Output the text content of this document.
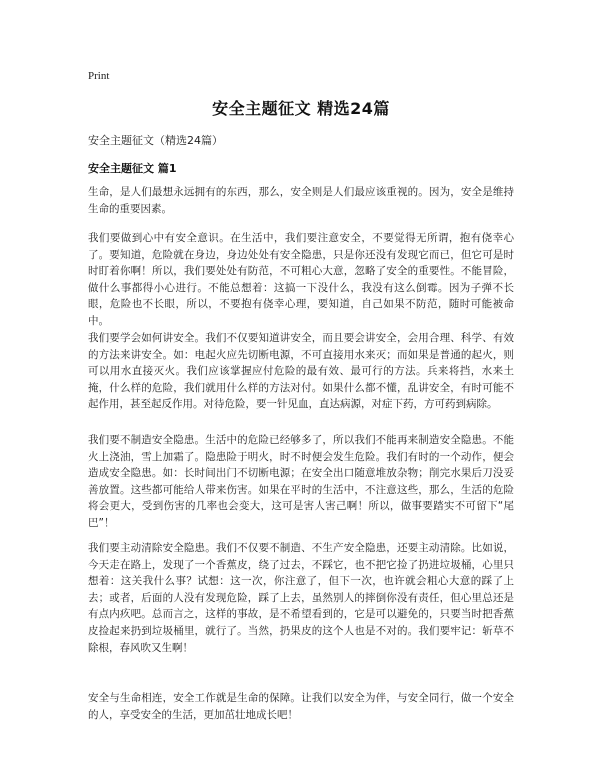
Print
安全主题征文 精选24篇
安全主题征文（精选24篇）
安全主题征文 篇1
生命，是人们最想永远拥有的东西，那么，安全则是人们最应该重视的。因为，安全是维持生命的重要因素。
我们要做到心中有安全意识。在生活中，我们要注意安全，不要觉得无所谓，抱有侥幸心了。要知道，危险就在身边，身边处处有安全隐患，只是你还没有发现它而已，但它可是时时盯着你啊！所以，我们要处处有防范，不可粗心大意，忽略了安全的重要性。不能冒险，做什么事都得小心进行。不能总想着：这搞一下没什么，我没有这么倒霉。因为子弹不长眼，危险也不长眼，所以，不要抱有侥幸心理，要知道，自己如果不防范，随时可能被命中。
我们要学会如何讲安全。我们不仅要知道讲安全，而且要会讲安全，会用合理、科学、有效的方法来讲安全。如：电起火应先切断电源，不可直接用水来灭；而如果是普通的起火，则可以用水直接灭火。我们应该掌握应付危险的最有效、最可行的方法。兵来将挡，水来土掩，什么样的危险，我们就用什么样的方法对付。如果什么都不懂，乱讲安全，有时可能不起作用，甚至起反作用。对待危险，要一针见血，直达病源，对症下药，方可药到病除。
我们要不制造安全隐患。生活中的危险已经够多了，所以我们不能再来制造安全隐患。不能火上浇油，雪上加霜了。隐患险于明火，时不时便会发生危险。我们有时的一个动作，便会造成安全隐患。如：长时间出门不切断电源；在安全出口随意堆放杂物；削完水果后刀没妥善放置。这些都可能给人带来伤害。如果在平时的生活中，不注意这些，那么，生活的危险将会更大，受到伤害的几率也会变大，这可是害人害己啊！所以，做事要踏实不可留下“尾巴”！
我们要主动清除安全隐患。我们不仅要不制造、不生产安全隐患，还要主动清除。比如说，今天走在路上，发现了一个香蕉皮，绕了过去，不踩它，也不把它捡了扔进垃圾桶，心里只想着：这关我什么事？试想：这一次，你注意了，但下一次，也许就会粗心大意的踩了上去；或者，后面的人没有发现危险，踩了上去，虽然别人的摔倒你没有责任，但心里总还是有点内疚吧。总而言之，这样的事故，是不希望看到的，它是可以避免的，只要当时把香蕉皮捡起来扔到垃圾桶里，就行了。当然，扔果皮的这个人也是不对的。我们要牢记：斩草不除根，春风吹又生啊！
安全与生命相连，安全工作就是生命的保障。让我们以安全为伴，与安全同行，做一个安全的人，享受安全的生活，更加茁壮地成长吧！
